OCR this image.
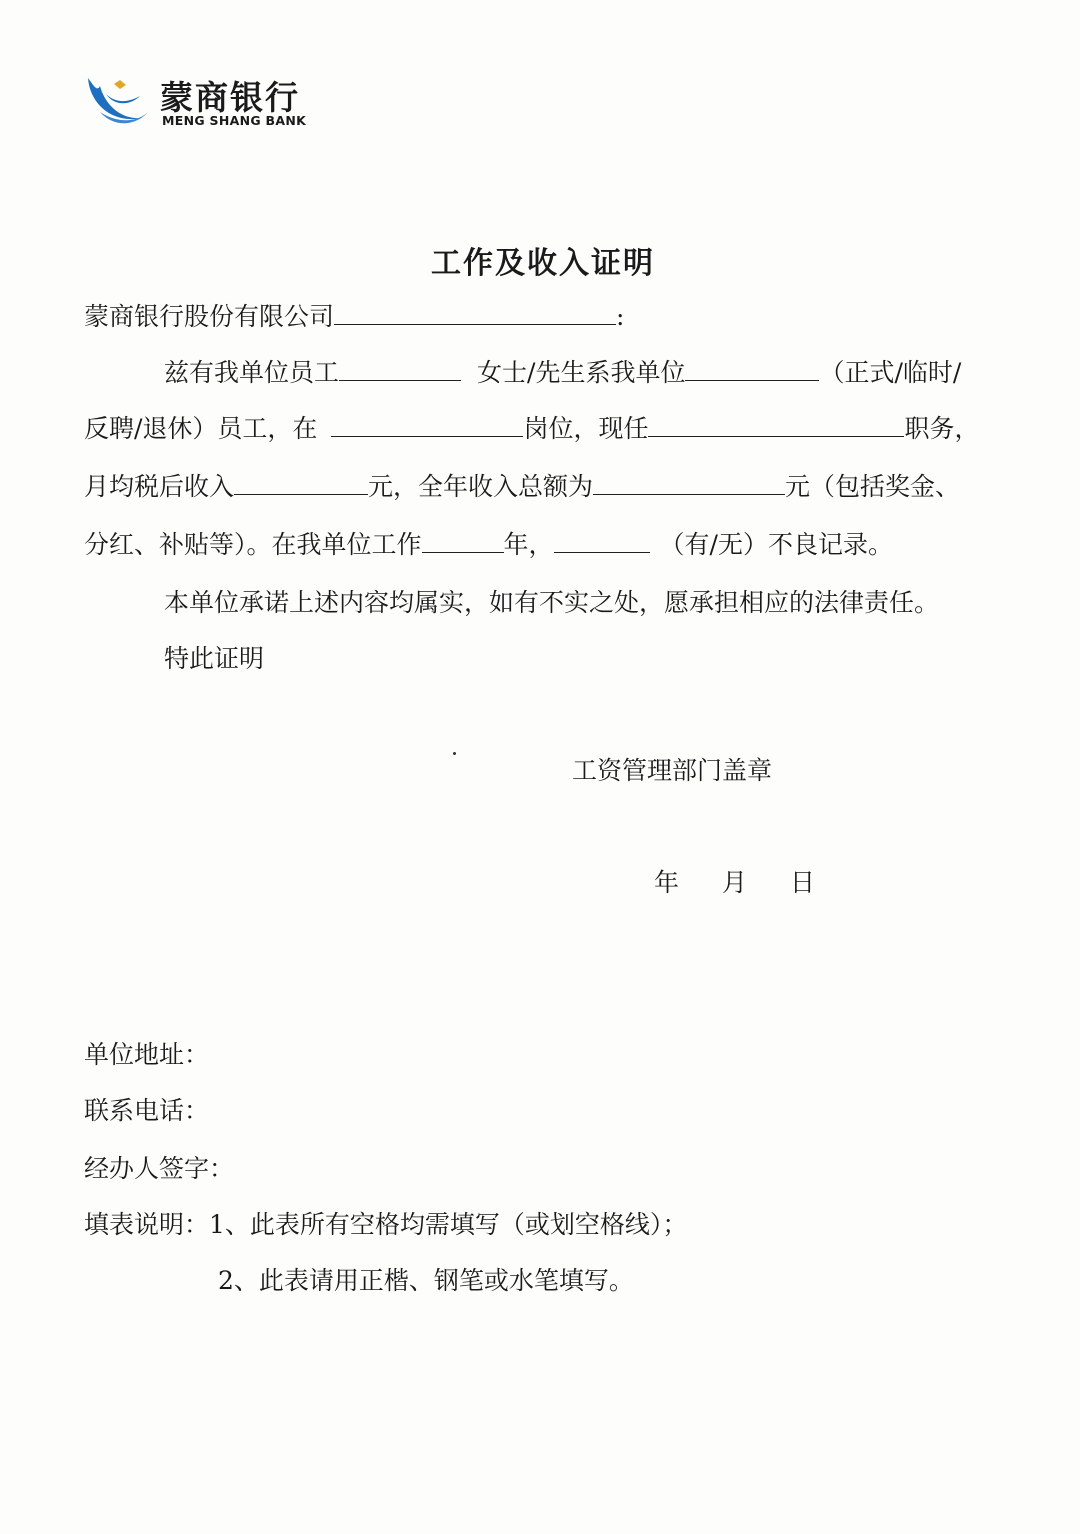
蒙商银行
MENG SHANG BANK
工作及收入证明
蒙商银行股份有限公司	:
兹有我单位员工	女士/先生系我单位	（正式/临时/
反聘/退休）员工，在	岗位，现任	职务，
月均税后收入	元，全年收入总额为	元（包括奖金、
分红、补贴等）。在我单位工作	年，	（有/无）不良记录。
本单位承诺上述内容均属实，如有不实之处，愿承担相应的法律责任。
特此证明
工资管理部门盖章
年 月 日
单位地址：
联系电话：
经办人签字：
填表说明：1、此表所有空格均需填写（或划空格线）；
2、此表请用正楷、钢笔或水笔填写。
